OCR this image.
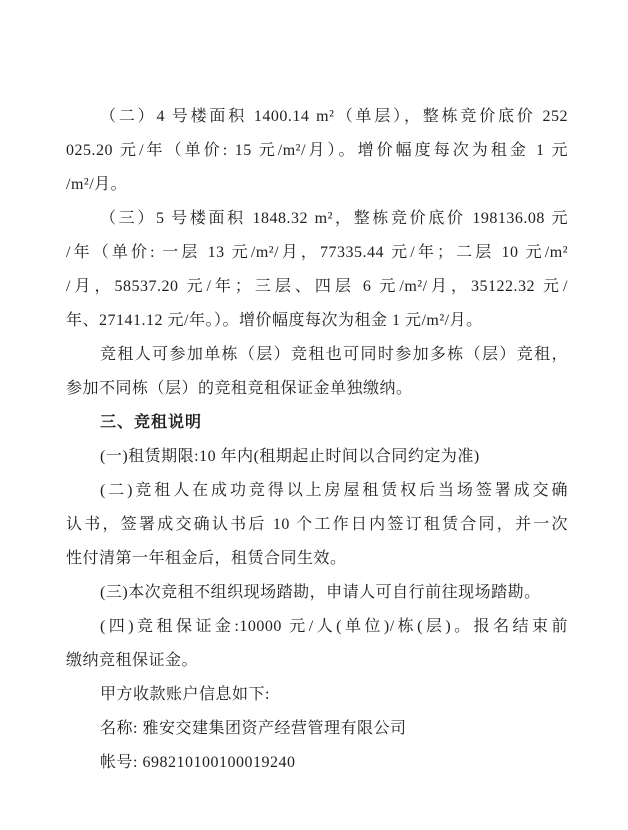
（二）4 号楼面积 1400.14 m²（单层），整栋竞价底价 252
025.20 元/年（单价: 15 元/m²/月）。增价幅度每次为租金 1 元
/m²/月。
（三）5 号楼面积 1848.32 m²，整栋竞价底价 198136.08 元
/年（单价: 一层 13 元/m²/月，77335.44 元/年；二层 10 元/m²
/月，58537.20 元/年；三层、四层 6 元/m²/月，35122.32 元/
年、27141.12 元/年。）。增价幅度每次为租金 1 元/m²/月。
竞租人可参加单栋（层）竞租也可同时参加多栋（层）竞租，
参加不同栋（层）的竞租竞租保证金单独缴纳。
三、竞租说明
(一)租赁期限:10 年内(租期起止时间以合同约定为准)
(二)竞租人在成功竞得以上房屋租赁权后当场签署成交确
认书，签署成交确认书后 10 个工作日内签订租赁合同，并一次
性付清第一年租金后，租赁合同生效。
(三)本次竞租不组织现场踏勘，申请人可自行前往现场踏勘。
(四)竞租保证金:10000 元/人(单位)/栋(层)。报名结束前
缴纳竞租保证金。
甲方收款账户信息如下:
名称: 雅安交建集团资产经营管理有限公司
帐号: 698210100100019240
